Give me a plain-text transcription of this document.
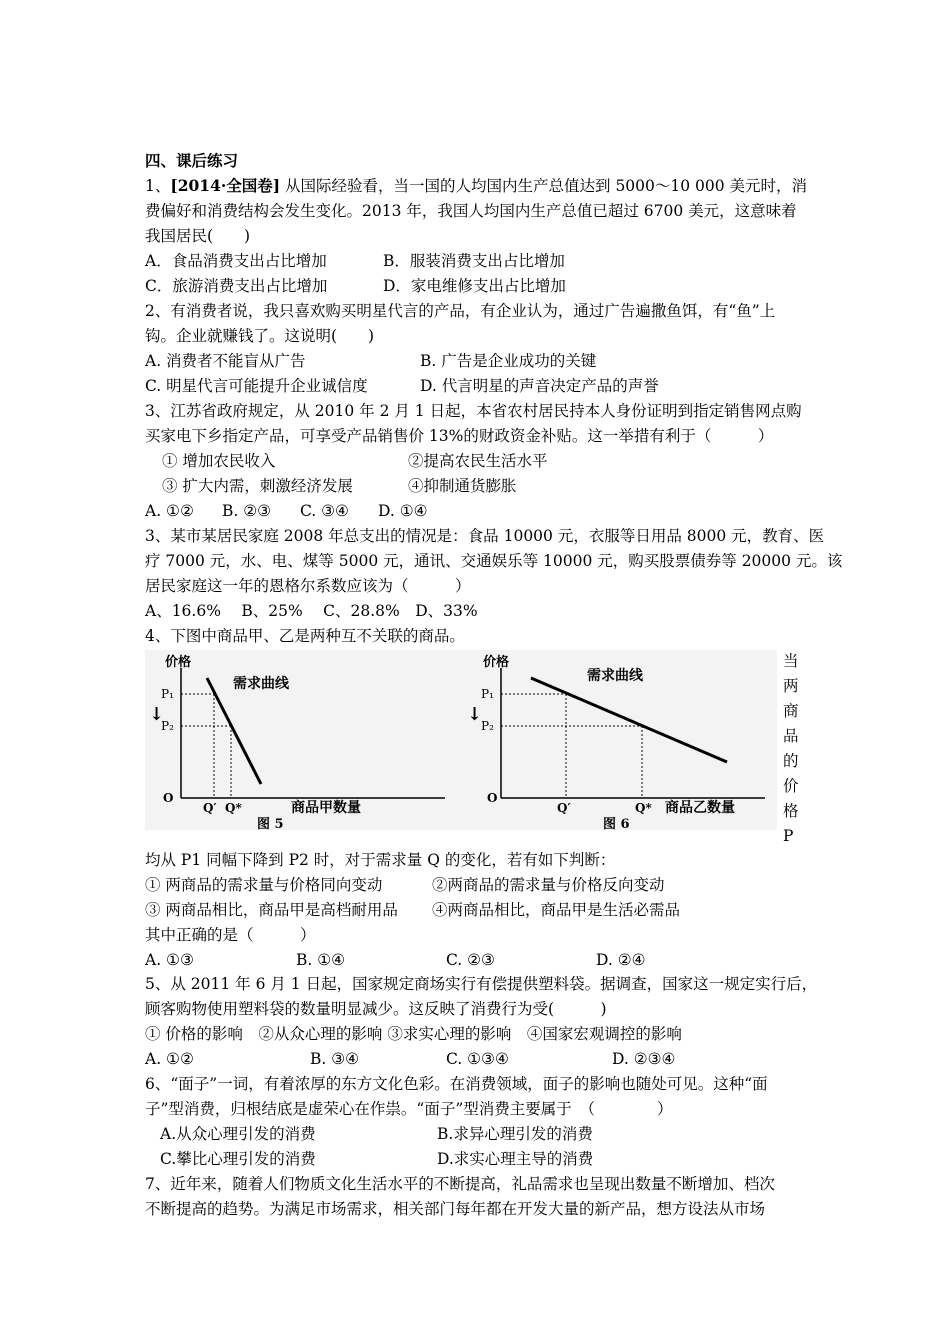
四、课后练习
1、[2014·全国卷] 从国际经验看，当一国的人均国内生产总值达到 5000～10 000 美元时，消
费偏好和消费结构会发生变化。2013 年，我国人均国内生产总值已超过 6700 美元，这意味着
我国居民(　　)
A．食品消费支出占比增加	B．服装消费支出占比增加
C．旅游消费支出占比增加	D．家电维修支出占比增加
2、有消费者说，我只喜欢购买明星代言的产品，有企业认为，通过广告遍撒鱼饵，有“鱼”上
钩。企业就赚钱了。这说明(　　)
A. 消费者不能盲从广告	B. 广告是企业成功的关键
C. 明星代言可能提升企业诚信度	D. 代言明星的声音决定产品的声誉
3、江苏省政府规定，从 2010 年 2 月 1 日起，本省农村居民持本人身份证明到指定销售网点购
买家电下乡指定产品，可享受产品销售价 13%的财政资金补贴。这一举措有利于（　　　）
① 增加农民收入	②提高农民生活水平
③ 扩大内需，刺激经济发展	④抑制通货膨胀
A. ①② B. ②③ C. ③④ D. ①④
3、某市某居民家庭 2008 年总支出的情况是：食品 10000 元，衣服等日用品 8000 元，教育、医
疗 7000 元，水、电、煤等 5000 元，通讯、交通娱乐等 10000 元，购买股票债券等 20000 元。该
居民家庭这一年的恩格尔系数应该为（　　　）
A、16.6%　 B、25%　 C、28.8%　D、33%
4、下图中商品甲、乙是两种互不关联的商品。
价格
O
↓
P₁
P₂
需求曲线
Q′ Q*	商品甲数量
图 5
价格
O
↓
P₁
P₂
需求曲线
Q′	Q* 商品乙数量
图 6
当
两
商
品
的
价
格
P
均从 P1 同幅下降到 P2 时，对于需求量 Q 的变化，若有如下判断：
① 两商品的需求量与价格同向变动	②两商品的需求量与价格反向变动
③ 两商品相比，商品甲是高档耐用品 ④两商品相比，商品甲是生活必需品
其中正确的是（　　　）
A. ①③	B. ①④	C. ②③	D. ②④
5、从 2011 年 6 月 1 日起，国家规定商场实行有偿提供塑料袋。据调查，国家这一规定实行后，
顾客购物使用塑料袋的数量明显减少。这反映了消费行为受(　　　)
① 价格的影响　②从众心理的影响 ③求实心理的影响　④国家宏观调控的影响
A. ①②	B. ③④	C. ①③④	D. ②③④
6、“面子”一词，有着浓厚的东方文化色彩。在消费领域，面子的影响也随处可见。这种“面
子”型消费，归根结底是虚荣心在作祟。“面子”型消费主要属于　（　　　　）
A.从众心理引发的消费	B.求异心理引发的消费
C.攀比心理引发的消费	D.求实心理主导的消费
7、近年来，随着人们物质文化生活水平的不断提高，礼品需求也呈现出数量不断增加、档次
不断提高的趋势。为满足市场需求，相关部门每年都在开发大量的新产品，想方设法从市场
